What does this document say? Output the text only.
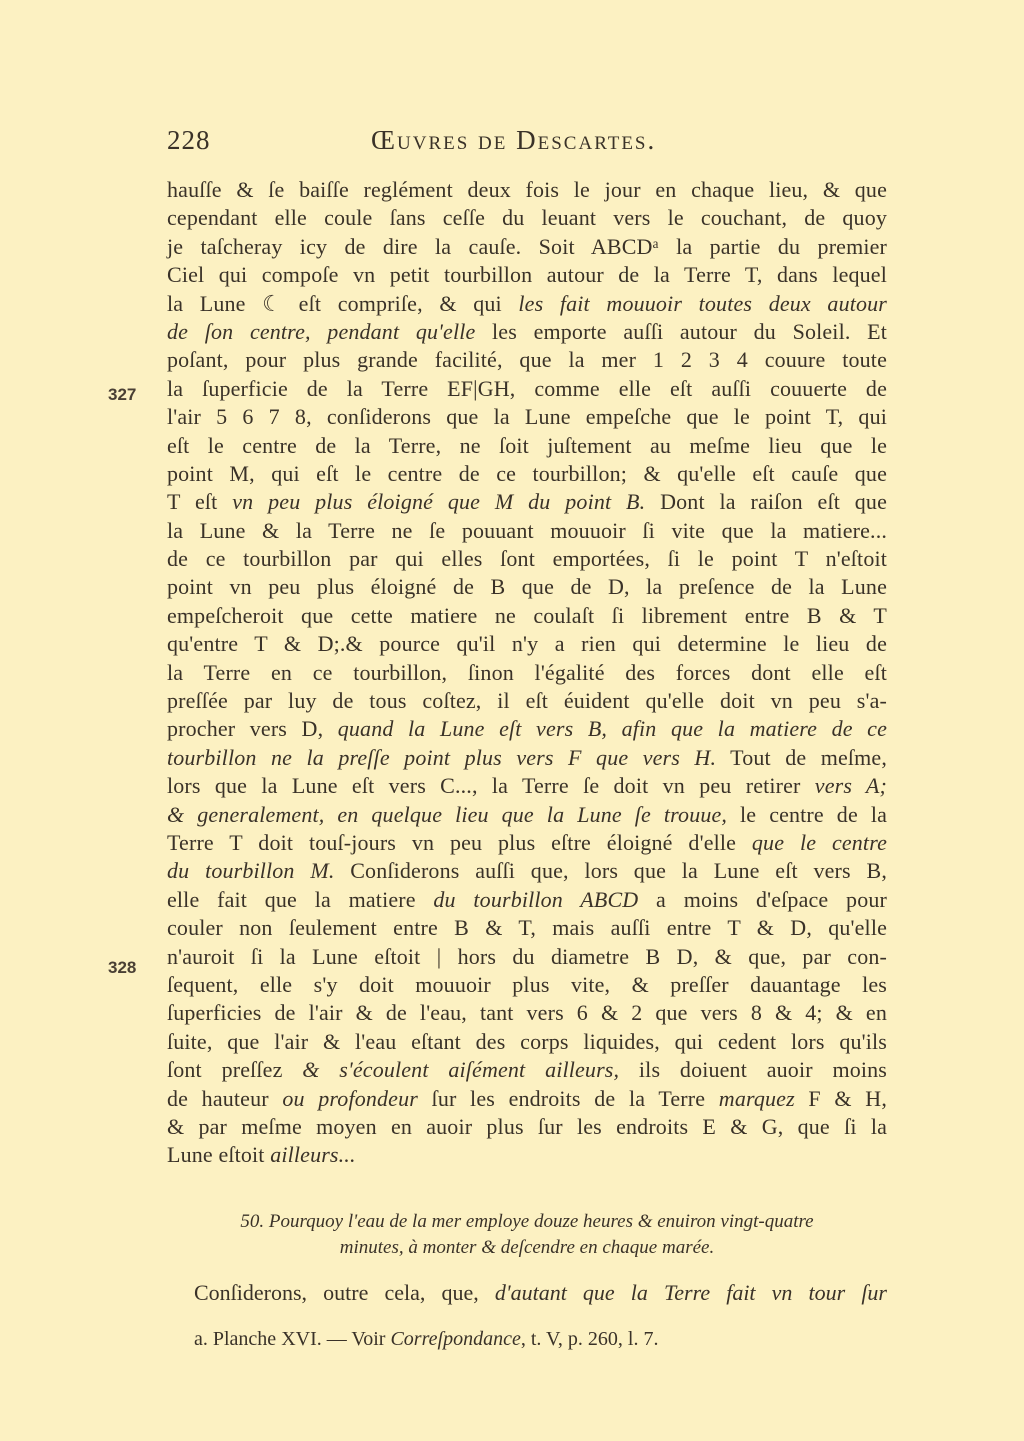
228	Œuvres de Descartes.
327
328
hauſſe & ſe baiſſe reglément deux fois le jour en chaque lieu, & que
cependant elle coule ſans ceſſe du leuant vers le couchant, de quoy
je taſcheray icy de dire la cauſe. Soit ABCDᵃ la partie du premier
Ciel qui compoſe vn petit tourbillon autour de la Terre T, dans lequel
la Lune ☾ eſt compriſe, & qui les fait mouuoir toutes deux autour
de ſon centre, pendant qu'elle les emporte auſſi autour du Soleil. Et
poſant, pour plus grande facilité, que la mer 1 2 3 4 couure toute
la ſuperficie de la Terre EF|GH, comme elle eſt auſſi couuerte de
l'air 5 6 7 8, conſiderons que la Lune empeſche que le point T, qui
eſt le centre de la Terre, ne ſoit juſtement au meſme lieu que le
point M, qui eſt le centre de ce tourbillon; & qu'elle eſt cauſe que
T eſt vn peu plus éloigné que M du point B. Dont la raiſon eſt que
la Lune & la Terre ne ſe pouuant mouuoir ſi vite que la matiere...
de ce tourbillon par qui elles ſont emportées, ſi le point T n'eſtoit
point vn peu plus éloigné de B que de D, la preſence de la Lune
empeſcheroit que cette matiere ne coulaſt ſi librement entre B & T
qu'entre T & D;.& pource qu'il n'y a rien qui determine le lieu de
la Terre en ce tourbillon, ſinon l'égalité des forces dont elle eſt
preſſée par luy de tous coſtez, il eſt éuident qu'elle doit vn peu s'a-
procher vers D, quand la Lune eſt vers B, afin que la matiere de ce
tourbillon ne la preſſe point plus vers F que vers H. Tout de meſme,
lors que la Lune eſt vers C..., la Terre ſe doit vn peu retirer vers A;
& generalement, en quelque lieu que la Lune ſe trouue, le centre de la
Terre T doit touſ-jours vn peu plus eſtre éloigné d'elle que le centre
du tourbillon M. Conſiderons auſſi que, lors que la Lune eſt vers B,
elle fait que la matiere du tourbillon ABCD a moins d'eſpace pour
couler non ſeulement entre B & T, mais auſſi entre T & D, qu'elle
n'auroit ſi la Lune eſtoit | hors du diametre B D, & que, par con-
ſequent, elle s'y doit mouuoir plus vite, & preſſer dauantage les
ſuperficies de l'air & de l'eau, tant vers 6 & 2 que vers 8 & 4; & en
ſuite, que l'air & l'eau eſtant des corps liquides, qui cedent lors qu'ils
ſont preſſez & s'écoulent aiſément ailleurs, ils doiuent auoir moins
de hauteur ou profondeur ſur les endroits de la Terre marquez F & H,
& par meſme moyen en auoir plus ſur les endroits E & G, que ſi la
Lune eſtoit ailleurs...
50. Pourquoy l'eau de la mer employe douze heures & enuiron vingt-quatre
minutes, à monter & deſcendre en chaque marée.
Conſiderons, outre cela, que, d'autant que la Terre fait vn tour ſur
a. Planche XVI. — Voir Correſpondance, t. V, p. 260, l. 7.
